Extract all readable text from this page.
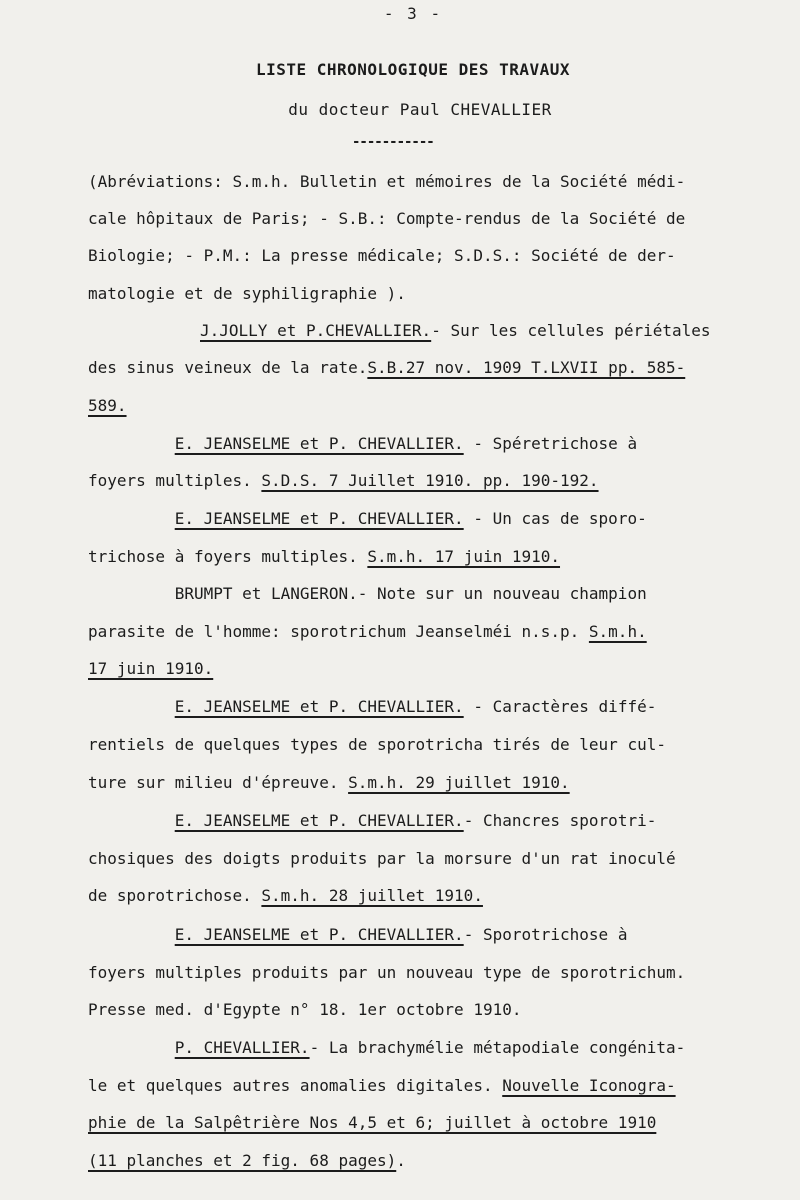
- 3 -
LISTE CHRONOLOGIQUE DES TRAVAUX
du docteur Paul CHEVALLIER
-----------
(Abréviations: S.m.h. Bulletin et mémoires de la Société médi-
cale hôpitaux de Paris; - S.B.: Compte-rendus de la Société de
Biologie; - P.M.: La presse médicale; S.D.S.: Société de der-
matologie et de syphiligraphie ).
J.JOLLY et P.CHEVALLIER.- Sur les cellules périétales
des sinus veineux de la rate.S.B.27 nov. 1909 T.LXVII pp. 585-
589.
E. JEANSELME et P. CHEVALLIER. - Spéretrichose à
foyers multiples. S.D.S. 7 Juillet 1910. pp. 190-192.
E. JEANSELME et P. CHEVALLIER. - Un cas de sporo-
trichose à foyers multiples. S.m.h. 17 juin 1910.
BRUMPT et LANGERON.- Note sur un nouveau champion
parasite de l'homme: sporotrichum Jeanselméi n.s.p. S.m.h.
17 juin 1910.
E. JEANSELME et P. CHEVALLIER. - Caractères diffé-
rentiels de quelques types de sporotricha tirés de leur cul-
ture sur milieu d'épreuve. S.m.h. 29 juillet 1910.
E. JEANSELME et P. CHEVALLIER.- Chancres sporotri-
chosiques des doigts produits par la morsure d'un rat inoculé
de sporotrichose. S.m.h. 28 juillet 1910.
E. JEANSELME et P. CHEVALLIER.- Sporotrichose à
foyers multiples produits par un nouveau type de sporotrichum.
Presse med. d'Egypte n° 18. 1er octobre 1910.
P. CHEVALLIER.- La brachymélie métapodiale congénita-
le et quelques autres anomalies digitales. Nouvelle Iconogra-
phie de la Salpêtrière Nos 4,5 et 6; juillet à octobre 1910
(11 planches et 2 fig. 68 pages).
